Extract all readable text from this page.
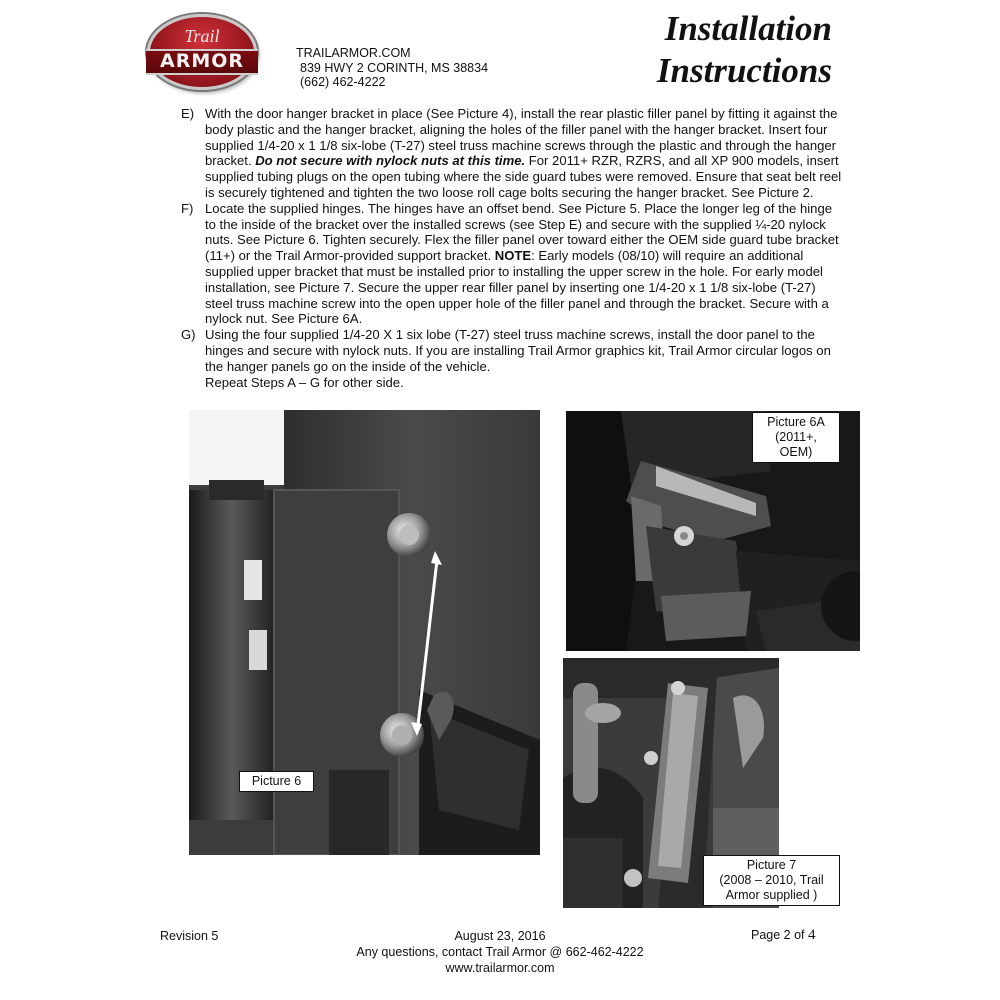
Trail
ARMOR	TRAILARMOR.COM
839 HWY 2 CORINTH, MS 38834
(662) 462-4222
Installation
Instructions
E) With the door hanger bracket in place (See Picture 4), install the rear plastic filler panel by fitting it against the body plastic and the hanger bracket, aligning the holes of the filler panel with the hanger bracket. Insert four supplied 1/4-20 x 1 1/8 six-lobe (T-27) steel truss machine screws through the plastic and through the hanger bracket. Do not secure with nylock nuts at this time. For 2011+ RZR, RZRS, and all XP 900 models, insert supplied tubing plugs on the open tubing where the side guard tubes were removed. Ensure that seat belt reel is securely tightened and tighten the two loose roll cage bolts securing the hanger bracket. See Picture 2.
F) Locate the supplied hinges. The hinges have an offset bend. See Picture 5. Place the longer leg of the hinge to the inside of the bracket over the installed screws (see Step E) and secure with the supplied ¼-20 nylock nuts. See Picture 6. Tighten securely. Flex the filler panel over toward either the OEM side guard tube bracket (11+) or the Trail Armor-provided support bracket. NOTE: Early models (08/10) will require an additional supplied upper bracket that must be installed prior to installing the upper screw in the hole. For early model installation, see Picture 7. Secure the upper rear filler panel by inserting one 1/4-20 x 1 1/8 six-lobe (T-27) steel truss machine screw into the open upper hole of the filler panel and through the bracket. Secure with a nylock nut. See Picture 6A.
G) Using the four supplied 1/4-20 X 1 six lobe (T-27) steel truss machine screws, install the door panel to the hinges and secure with nylock nuts. If you are installing Trail Armor graphics kit, Trail Armor circular logos on the hanger panels go on the inside of the vehicle.
Repeat Steps A – G for other side.
Picture 6
Picture 6A
(2011+,
OEM)
Picture 7
(2008 – 2010, Trail
Armor supplied )
Revision 5	August 23, 2016
Any questions, contact Trail Armor @ 662-462-4222
www.trailarmor.com
Page 2 of 4
